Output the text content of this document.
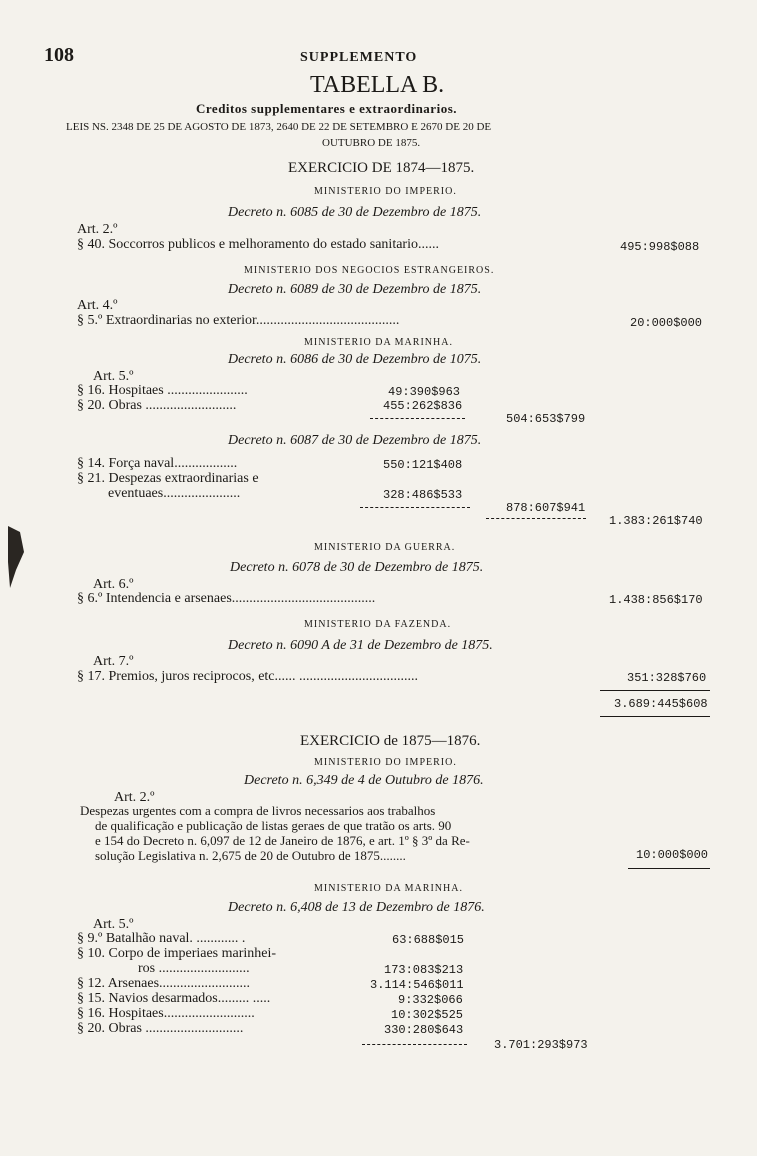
108	SUPPLEMENTO
TABELLA B.
Creditos supplementares e extraordinarios.
LEIS NS. 2348 DE 25 DE AGOSTO DE 1873, 2640 DE 22 DE SETEMBRO E 2670 DE 20 DE
OUTUBRO DE 1875.
EXERCICIO DE 1874—1875.
MINISTERIO DO IMPERIO.
Decreto n. 6085 de 30 de Dezembro de 1875.
Art. 2.º
§ 40. Soccorros publicos e melhoramento do estado sanitario......	495:998$088
MINISTERIO DOS NEGOCIOS ESTRANGEIROS.
Decreto n. 6089 de 30 de Dezembro de 1875.
Art. 4.º
§ 5.º Extraordinarias no exterior.........................................	20:000$000
MINISTERIO DA MARINHA.
Decreto n. 6086 de 30 de Dezembro de 1075.
Art. 5.º
§ 16. Hospitaes .......................	49:390$963
§ 20. Obras ..........................	455:262$836
504:653$799
Decreto n. 6087 de 30 de Dezembro de 1875.
§ 14. Força naval..................	550:121$408
§ 21. Despezas extraordinarias e
eventuaes......................	328:486$533
878:607$941
1.383:261$740
MINISTERIO DA GUERRA.
Decreto n. 6078 de 30 de Dezembro de 1875.
Art. 6.º
§ 6.º Intendencia e arsenaes.........................................	1.438:856$170
MINISTERIO DA FAZENDA.
Decreto n. 6090 A de 31 de Dezembro de 1875.
Art. 7.º
§ 17. Premios, juros reciprocos, etc...... ..................................	351:328$760
3.689:445$608
EXERCICIO de 1875—1876.
MINISTERIO DO IMPERIO.
Decreto n. 6,349 de 4 de Outubro de 1876.
Art. 2.º
Despezas urgentes com a compra de livros necessarios aos trabalhos
de qualificação e publicação de listas geraes de que tratão os arts. 90
e 154 do Decreto n. 6,097 de 12 de Janeiro de 1876, e art. 1º § 3º da Re-
solução Legislativa n. 2,675 de 20 de Outubro de 1875........	10:000$000
MINISTERIO DA MARINHA.
Decreto n. 6,408 de 13 de Dezembro de 1876.
Art. 5.º
§ 9.º Batalhão naval. ............ .	63:688$015
§ 10. Corpo de imperiaes marinhei-
ros ..........................	173:083$213
§ 12. Arsenaes..........................	3.114:546$011
§ 15. Navios desarmados......... .....	9:332$066
§ 16. Hospitaes..........................	10:302$525
§ 20. Obras ............................	330:280$643
3.701:293$973
